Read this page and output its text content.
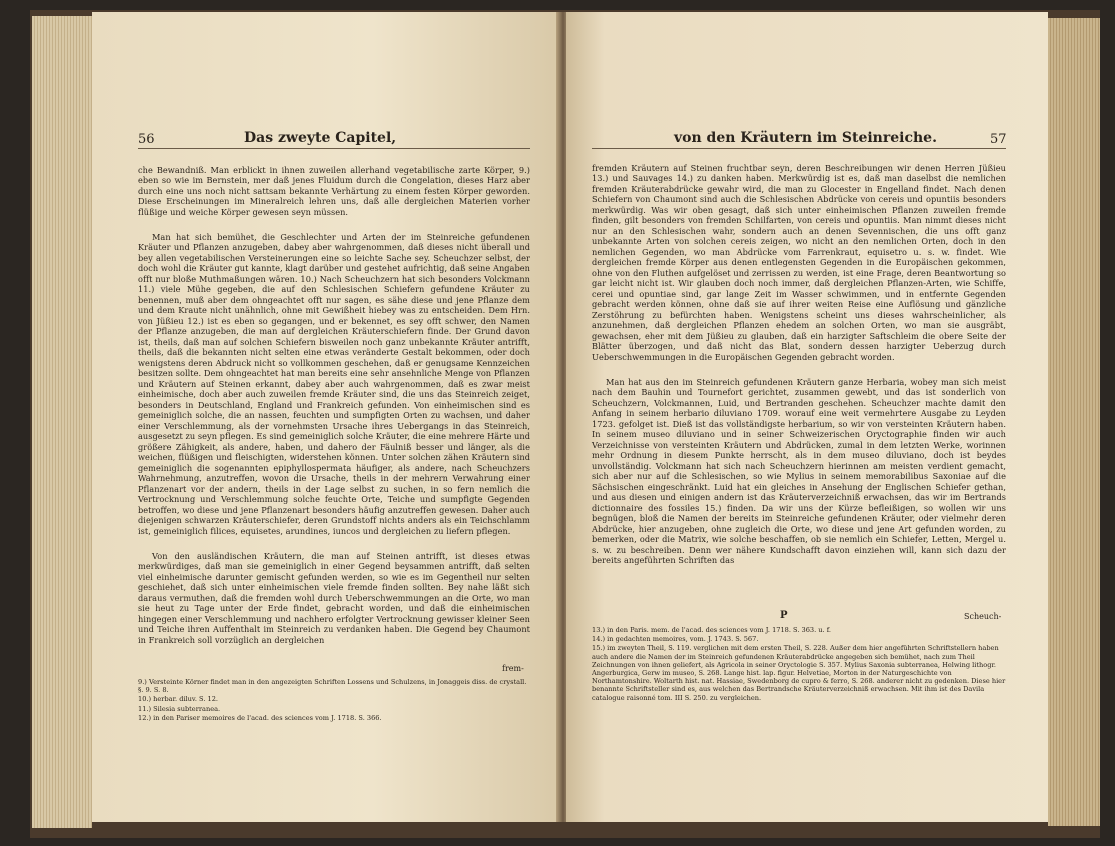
56	Das zweyte Capitel,

che Bewandniß. Man erblickt in ihnen zuweilen allerhand vegetabilische zarte Körper, 9.) eben so wie im Bernstein, mer daß jenes Fluidum durch die Congelation, dieses Harz aber durch eine uns noch nicht sattsam bekannte Verhärtung zu einem festen Körper geworden. Diese Erscheinungen im Mineralreich lehren uns, daß alle dergleichen Materien vorher flüßige und weiche Körper gewesen seyn müssen.

Man hat sich bemühet, die Geschlechter und Arten der im Steinreiche gefundenen Kräuter und Pflanzen anzugeben, dabey aber wahrgenommen, daß dieses nicht überall und bey allen vegetabilischen Versteinerungen eine so leichte Sache sey. Scheuchzer selbst, der doch wohl die Kräuter gut kannte, klagt darüber und gestehet aufrichtig, daß seine Angaben offt nur bloße Muthmaßungen wären. 10.) Nach Scheuchzern hat sich besonders Volckmann 11.) viele Mühe gegeben, die auf den Schlesischen Schiefern gefundene Kräuter zu benennen, muß aber dem ohngeachtet offt nur sagen, es sähe diese und jene Pflanze dem und dem Kraute nicht unähnlich, ohne mit Gewißheit hiebey was zu entscheiden. Dem Hrn. von Jüßieu 12.) ist es eben so gegangen, und er bekennet, es sey offt schwer, den Namen der Pflanze anzugeben, die man auf dergleichen Kräuterschiefern finde. Der Grund davon ist, theils, daß man auf solchen Schiefern bisweilen noch ganz unbekannte Kräuter antrifft, theils, daß die bekannten nicht selten eine etwas veränderte Gestalt bekommen, oder doch wenigstens deren Abdruck nicht so vollkommen geschehen, daß er genugsame Kennzeichen besitzen sollte. Dem ohngeachtet hat man bereits eine sehr ansehnliche Menge von Pflanzen und Kräutern auf Steinen erkannt, dabey aber auch wahrgenommen, daß es zwar meist einheimische, doch aber auch zuweilen fremde Kräuter sind, die uns das Steinreich zeiget, besonders in Deutschland, England und Frankreich gefunden. Von einheimischen sind es gemeiniglich solche, die an nassen, feuchten und sumpfigten Orten zu wachsen, und daher einer Verschlemmung, als der vornehmsten Ursache ihres Uebergangs in das Steinreich, ausgesetzt zu seyn pflegen. Es sind gemeiniglich solche Kräuter, die eine mehrere Härte und größere Zähigkeit, als andere, haben, und dahero der Fäulniß besser und länger, als die weichen, flüßigen und fleischigten, widerstehen können. Unter solchen zähen Kräutern sind gemeiniglich die sogenannten epiphyllospermata häufiger, als andere, nach Scheuchzers Wahrnehmung, anzutreffen, wovon die Ursache, theils in der mehrern Verwahrung einer Pflanzenart vor der andern, theils in der Lage selbst zu suchen, in so fern nemlich die Vertrocknung und Verschlemmung solche feuchte Orte, Teiche und sumpfigte Gegenden betroffen, wo diese und jene Pflanzenart besonders häufig anzutreffen gewesen. Daher auch diejenigen schwarzen Kräuterschiefer, deren Grundstoff nichts anders als ein Teichschlamm ist, gemeiniglich filices, equisetes, arundines, iuncos und dergleichen zu liefern pflegen.

Von den ausländischen Kräutern, die man auf Steinen antrifft, ist dieses etwas merkwürdiges, daß man sie gemeiniglich in einer Gegend beysammen antrifft, daß selten viel einheimische darunter gemischt gefunden werden, so wie es im Gegentheil nur selten geschiehet, daß sich unter einheimischen viele fremde finden sollten. Bey nahe läßt sich daraus vermuthen, daß die fremden wohl durch Ueberschwemmungen an die Orte, wo man sie heut zu Tage unter der Erde findet, gebracht worden, und daß die einheimischen hingegen einer Verschlemmung und nachhero erfolgter Vertrocknung gewisser kleiner Seen und Teiche ihren Auffenthalt im Steinreich zu verdanken haben. Die Gegend bey Chaumont in Frankreich soll vorzüglich an dergleichen

frem-
9.) Versteinte Körner findet man in den angezeigten Schriften Lossens und Schulzens, in Jonaggeis diss. de crystall. §. 9. S. 8.
10.) herbar. diluv. S. 12.
11.) Silesia subterranea.
12.) in den Pariser memoires de l'acad. des sciences vom J. 1718. S. 366.
von den Kräutern im Steinreiche.	57

fremden Kräutern auf Steinen fruchtbar seyn, deren Beschreibungen wir denen Herren Jüßieu 13.) und Sauvages 14.) zu danken haben. Merkwürdig ist es, daß man daselbst die nemlichen fremden Kräuterabdrücke gewahr wird, die man zu Glocester in Engelland findet. Nach denen Schiefern von Chaumont sind auch die Schlesischen Abdrücke von cereis und opuntiis besonders merkwürdig. Was wir oben gesagt, daß sich unter einheimischen Pflanzen zuweilen fremde finden, gilt besonders von fremden Schilfarten, von cereis und opuntiis. Man nimmt dieses nicht nur an den Schlesischen wahr, sondern auch an denen Sevennischen, die uns offt ganz unbekannte Arten von solchen cereis zeigen, wo nicht an den nemlichen Orten, doch in den nemlichen Gegenden, wo man Abdrücke vom Farrenkraut, equisetro u. s. w. findet. Wie dergleichen fremde Körper aus denen entlegensten Gegenden in die Europäischen gekommen, ohne von den Fluthen aufgelöset und zerrissen zu werden, ist eine Frage, deren Beantwortung so gar leicht nicht ist. Wir glauben doch noch immer, daß dergleichen Pflanzen-Arten, wie Schiffe, cerei und opuntiae sind, gar lange Zeit im Wasser schwimmen, und in entfernte Gegenden gebracht werden können, ohne daß sie auf ihrer weiten Reise eine Auflösung und gänzliche Zerstöhrung zu befürchten haben. Wenigstens scheint uns dieses wahrscheinlicher, als anzunehmen, daß dergleichen Pflanzen ehedem an solchen Orten, wo man sie ausgräbt, gewachsen, eher mit dem Jüßieu zu glauben, daß ein harzigter Saftschleim die obere Seite der Blätter überzogen, und daß nicht das Blat, sondern dessen harzigter Ueberzug durch Ueberschwemmungen in die Europäischen Gegenden gebracht worden.

Man hat aus den im Steinreich gefundenen Kräutern ganze Herbaria, wobey man sich meist nach dem Bauhin und Tournefort gerichtet, zusammen gewebt, und das ist sonderlich von Scheuchzern, Volckmannen, Luid, und Bertranden geschehen. Scheuchzer machte damit den Anfang in seinem herbario diluviano 1709. worauf eine weit vermehrtere Ausgabe zu Leyden 1723. gefolget ist. Dieß ist das vollständigste herbarium, so wir von versteinten Kräutern haben. In seinem museo diluviano und in seiner Schweizerischen Oryctographie finden wir auch Verzeichnisse von versteinten Kräutern und Abdrücken, zumal in dem letzten Werke, worinnen mehr Ordnung in diesem Punkte herrscht, als in dem museo diluviano, doch ist beydes unvollständig. Volckmann hat sich nach Scheuchzern hierinnen am meisten verdient gemacht, sich aber nur auf die Schlesischen, so wie Mylius in seinem memorabilibus Saxoniae auf die Sächsischen eingeschränkt. Luid hat ein gleiches in Ansehung der Englischen Schiefer gethan, und aus diesen und einigen andern ist das Kräuterverzeichniß erwachsen, das wir im Bertrands dictionnaire des fossiles 15.) finden. Da wir uns der Kürze befleißigen, so wollen wir uns begnügen, bloß die Namen der bereits im Steinreiche gefundenen Kräuter, oder vielmehr deren Abdrücke, hier anzugeben, ohne zugleich die Orte, wo diese und jene Art gefunden worden, zu bemerken, oder die Matrix, wie solche beschaffen, ob sie nemlich ein Schiefer, Letten, Mergel u. s. w. zu beschreiben. Denn wer nähere Kundschafft davon einziehen will, kann sich dazu der bereits angeführten Schriften das

P	Scheuch-
13.) in den Paris. mem. de l'acad. des sciences vom J. 1718. S. 363. u. f.
14.) in gedachten memoires, vom. J. 1743. S. 567.
15.) im zweyten Theil, S. 119. verglichen mit dem ersten Theil, S. 228. Außer dem hier angeführten Schriftstellern haben auch andere die Namen der im Steinreich gefundenen Kräuterabdrücke angegeben sich bemühet, nach zum Theil Zeichnungen von ihnen geliefert, als Agricola in seiner Oryctologie S. 357. Mylius Saxonia subterranea, Helwing lithogr. Angerburgica, Gerw im museo, S. 268. Lange hist. lap. figur. Helvetiae, Morton in der Naturgeschichte von Northamtonshire. Woltarth hist. nat. Hassiae, Swedenborg de cupro & ferro, S. 268. anderer nicht zu gedenken. Diese hier benannte Schriftsteller sind es, aus welchen das Bertrandsche Kräuterverzeichniß erwachsen. Mit ihm ist des Davila catalogue raisonné tom. III S. 250. zu vergleichen.
